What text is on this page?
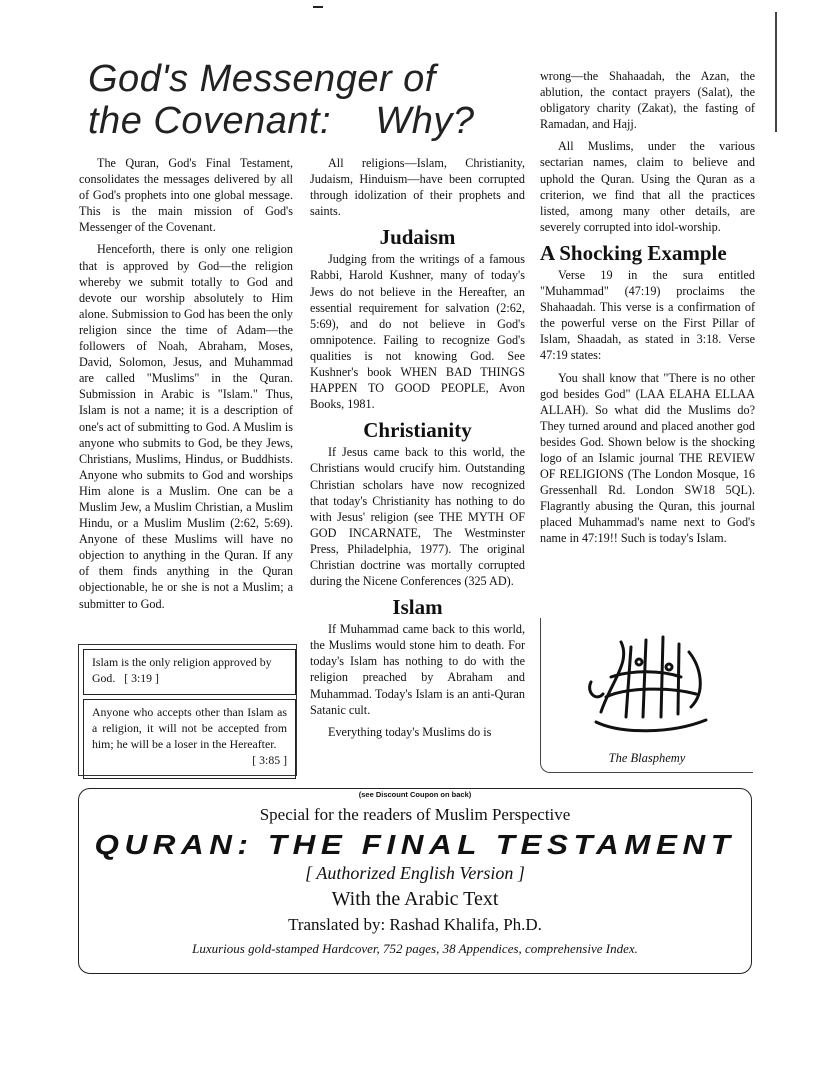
God's Messenger of
the Covenant:    Why?

The Quran, God's Final Testament, consolidates the messages delivered by all of God's prophets into one global message. This is the main mission of God's Messenger of the Covenant.

Henceforth, there is only one religion that is approved by God—the religion whereby we submit totally to God and devote our worship absolutely to Him alone. Submission to God has been the only religion since the time of Adam—the followers of Noah, Abraham, Moses, David, Solomon, Jesus, and Muhammad are called "Muslims" in the Quran. Submission in Arabic is "Islam." Thus, Islam is not a name; it is a description of one's act of submitting to God. A Muslim is anyone who submits to God, be they Jews, Christians, Muslims, Hindus, or Buddhists. Anyone who submits to God and worships Him alone is a Muslim. One can be a Muslim Jew, a Muslim Christian, a Muslim Hindu, or a Muslim Muslim (2:62, 5:69). Anyone of these Muslims will have no objection to anything in the Quran. If any of them finds anything in the Quran objectionable, he or she is not a Muslim; a submitter to God.

Islam is the only religion approved by God. [ 3:19 ]
Anyone who accepts other than Islam as a religion, it will not be accepted from him; he will be a loser in the Hereafter.
[ 3:85 ]

All religions—Islam, Christianity, Judaism, Hinduism—have been corrupted through idolization of their prophets and saints.

Judaism

Judging from the writings of a famous Rabbi, Harold Kushner, many of today's Jews do not believe in the Hereafter, an essential requirement for salvation (2:62, 5:69), and do not believe in God's omnipotence. Failing to recognize God's qualities is not knowing God. See Kushner's book WHEN BAD THINGS HAPPEN TO GOOD PEOPLE, Avon Books, 1981.

Christianity

If Jesus came back to this world, the Christians would crucify him. Outstanding Christian scholars have now recognized that today's Christianity has nothing to do with Jesus' religion (see THE MYTH OF GOD INCARNATE, The Westminster Press, Philadelphia, 1977). The original Christian doctrine was mortally corrupted during the Nicene Conferences (325 AD).

Islam

If Muhammad came back to this world, the Muslims would stone him to death. For today's Islam has nothing to do with the religion preached by Abraham and Muhammad. Today's Islam is an anti-Quran Satanic cult.

Everything today's Muslims do is

wrong—the Shahaadah, the Azan, the ablution, the contact prayers (Salat), the obligatory charity (Zakat), the fasting of Ramadan, and Hajj.

All Muslims, under the various sectarian names, claim to believe and uphold the Quran. Using the Quran as a criterion, we find that all the practices listed, among many other details, are severely corrupted into idol-worship.

A Shocking Example

Verse 19 in the sura entitled "Muhammad" (47:19) proclaims the Shahaadah. This verse is a confirmation of the powerful verse on the First Pillar of Islam, Shaadah, as stated in 3:18. Verse 47:19 states:

You shall know that "There is no other god besides God" (LAA ELAHA ELLAA ALLAH). So what did the Muslims do? They turned around and placed another god besides God. Shown below is the shocking logo of an Islamic journal THE REVIEW OF RELIGIONS (The London Mosque, 16 Gressenhall Rd. London SW18 5QL). Flagrantly abusing the Quran, this journal placed Muhammad's name next to God's name in 47:19!! Such is today's Islam.

The Blasphemy
(see Discount Coupon on back)
Special for the readers of Muslim Perspective
QURAN: THE FINAL TESTAMENT
[ Authorized English Version ]
With the Arabic Text
Translated by: Rashad Khalifa, Ph.D.
Luxurious gold-stamped Hardcover, 752 pages, 38 Appendices, comprehensive Index.
